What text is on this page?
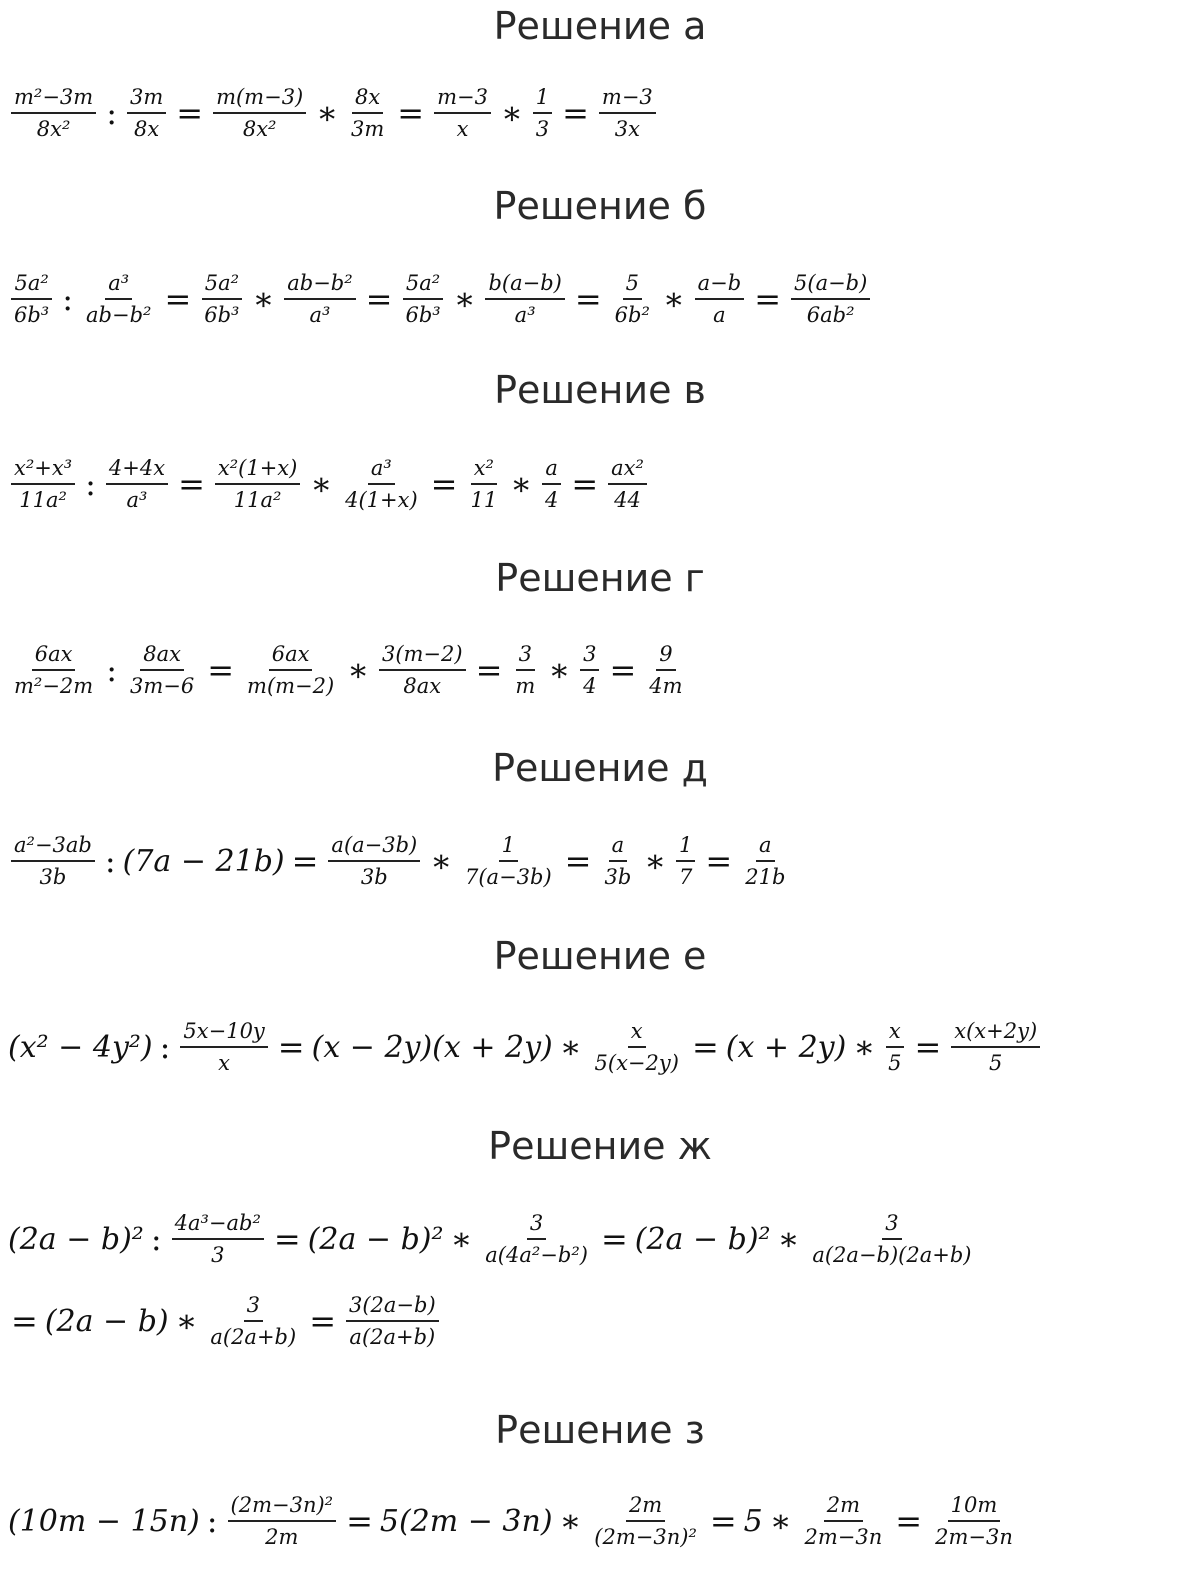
Решение а
$\frac{\text{m²−3m}}{\text{8x²}}$ : $\frac{3m}{8x} = \frac{m(m-3)}{\text{8x²}}$ ∗ $\frac{8x}{3m} = \frac{m-3}{x}$ ∗ $\frac{1}{3} = \frac{m-3}{3x}$
Решение б
$\frac{\text{5a²}}{\text{6b³}}$ : $\frac{\text{a³}}{\text{ab−b²}} = \frac{\text{5a²}}{\text{6b³}}$ ∗ $\frac{\text{ab−b²}}{\text{a³}} = \frac{\text{5a²}}{\text{6b³}}$ ∗ $\frac{b(a-b)}{\text{a³}} = \frac{5}{\text{6b²}}$ ∗ $\frac{a-b}{a} = \frac{5(a-b)}{\text{6ab²}}$
Решение в
$\frac{\text{x²+x³}}{\text{11a²}}$ : $\frac{4+4x}{\text{a³}} = \frac{\text{x²(1+x)}}{\text{11a²}}$ ∗ $\frac{\text{a³}}{4(1+x)} = \frac{\text{x²}}{11}$ ∗ $\frac{a}{4} = \frac{\text{ax²}}{44}$
Решение г
$\frac{6ax}{\text{m²−2m}}$ : $\frac{8ax}{3m-6} = \frac{6ax}{m(m-2)}$ ∗ $\frac{3(m-2)}{8ax} = \frac{3}{m}$ ∗ $\frac{3}{4} = \frac{9}{4m}$
Решение д
$\frac{\text{a²−3ab}}{3b}$ : $(7a - 21b) = \frac{a(a-3b)}{3b}$ ∗ $\frac{1}{7(a-3b)} = \frac{a}{3b}$ ∗ $\frac{1}{7} = \frac{a}{21b}$
Решение е
(x² − 4y²) : $\frac{5x-10y}{x} = (x - 2y)(x + 2y)$ ∗ $\frac{x}{5(x-2y)} = (x + 2y)$ ∗ $\frac{x}{5} = \frac{x(x+2y)}{5}$
Решение ж
(2a − b)² : $\frac{\text{4a³−ab²}}{3} = (2a - b)^2$ ∗ $\frac{3}{\text{a(4a²−b²)}} = (2a - b)^2$ ∗ $\frac{3}{a(2a-b)(2a+b)}$
= (2a − b) ∗ $\frac{3}{a(2a+b)} = \frac{3(2a-b)}{a(2a+b)}$
Решение з
(10m − 15n) : $\frac{\text{(2m−3n)²}}{2m} = 5(2m - 3n)$ ∗ $\frac{2m}{\text{(2m−3n)²}} = 5$ ∗ $\frac{2m}{2m-3n} = \frac{10m}{2m-3n}$
